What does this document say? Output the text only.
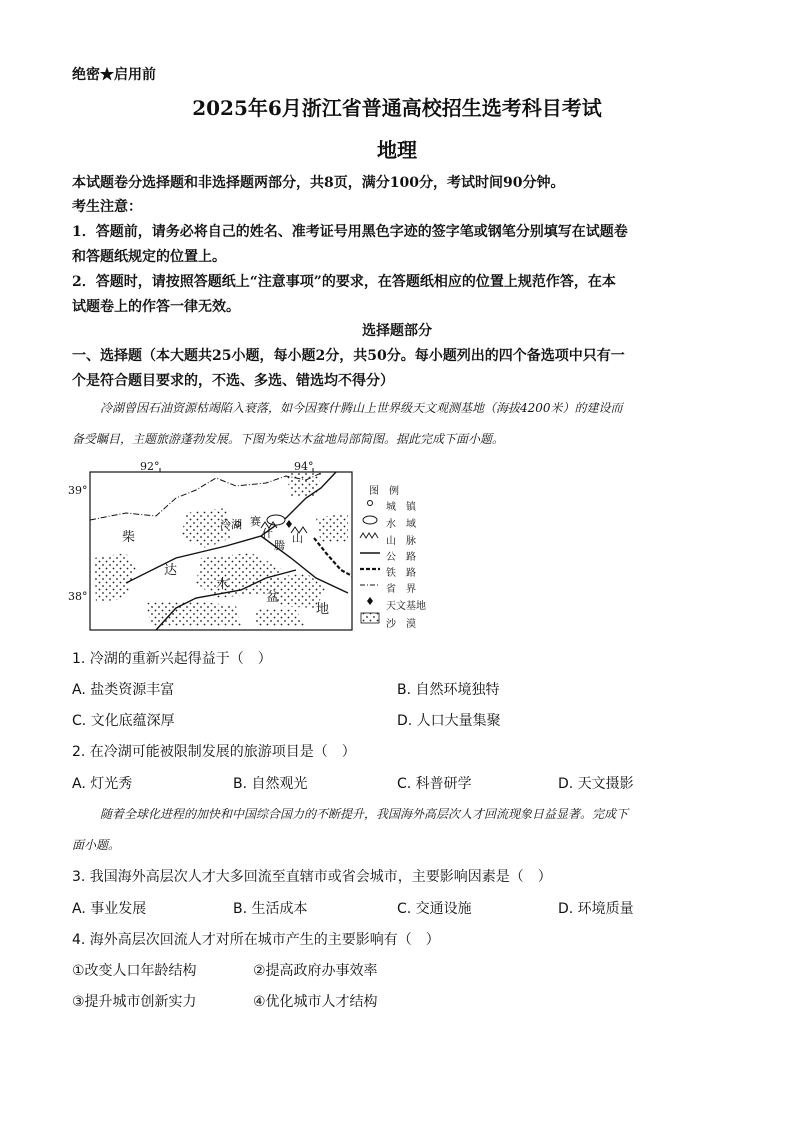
绝密★启用前
2025年6月浙江省普通高校招生选考科目考试
地理
本试题卷分选择题和非选择题两部分，共8页，满分100分，考试时间90分钟。
考生注意：
1．答题前，请务必将自己的姓名、准考证号用黑色字迹的签字笔或钢笔分别填写在试题卷
和答题纸规定的位置上。
2．答题时，请按照答题纸上“注意事项”的要求，在答题纸相应的位置上规范作答，在本
试题卷上的作答一律无效。
选择题部分
一、选择题（本大题共25小题，每小题2分，共50分。每小题列出的四个备选项中只有一
个是符合题目要求的，不选、多选、错选均不得分）
冷湖曾因石油资源枯竭陷入衰落，如今因赛什腾山上世界级天文观测基地（海拔4200米）的建设而
备受瞩目，主题旅游蓬勃发展。下图为柴达木盆地局部简图。据此完成下面小题。
92°	94°
39°
38°
冷湖 赛
什
腾
山
柴
达
木
盆
地
图　例
城　镇
水　域
山　脉
公　路
铁　路
省　界
天文基地
沙　漠
1. 冷湖的重新兴起得益于（　）
A. 盐类资源丰富	B. 自然环境独特
C. 文化底蕴深厚	D. 人口大量集聚
2. 在冷湖可能被限制发展的旅游项目是（　）
A. 灯光秀	B. 自然观光	C. 科普研学	D. 天文摄影
随着全球化进程的加快和中国综合国力的不断提升，我国海外高层次人才回流现象日益显著。完成下
面小题。
3. 我国海外高层次人才大多回流至直辖市或省会城市，主要影响因素是（　）
A. 事业发展	B. 生活成本	C. 交通设施	D. 环境质量
4. 海外高层次回流人才对所在城市产生的主要影响有（　）
①改变人口年龄结构	②提高政府办事效率
③提升城市创新实力	④优化城市人才结构
